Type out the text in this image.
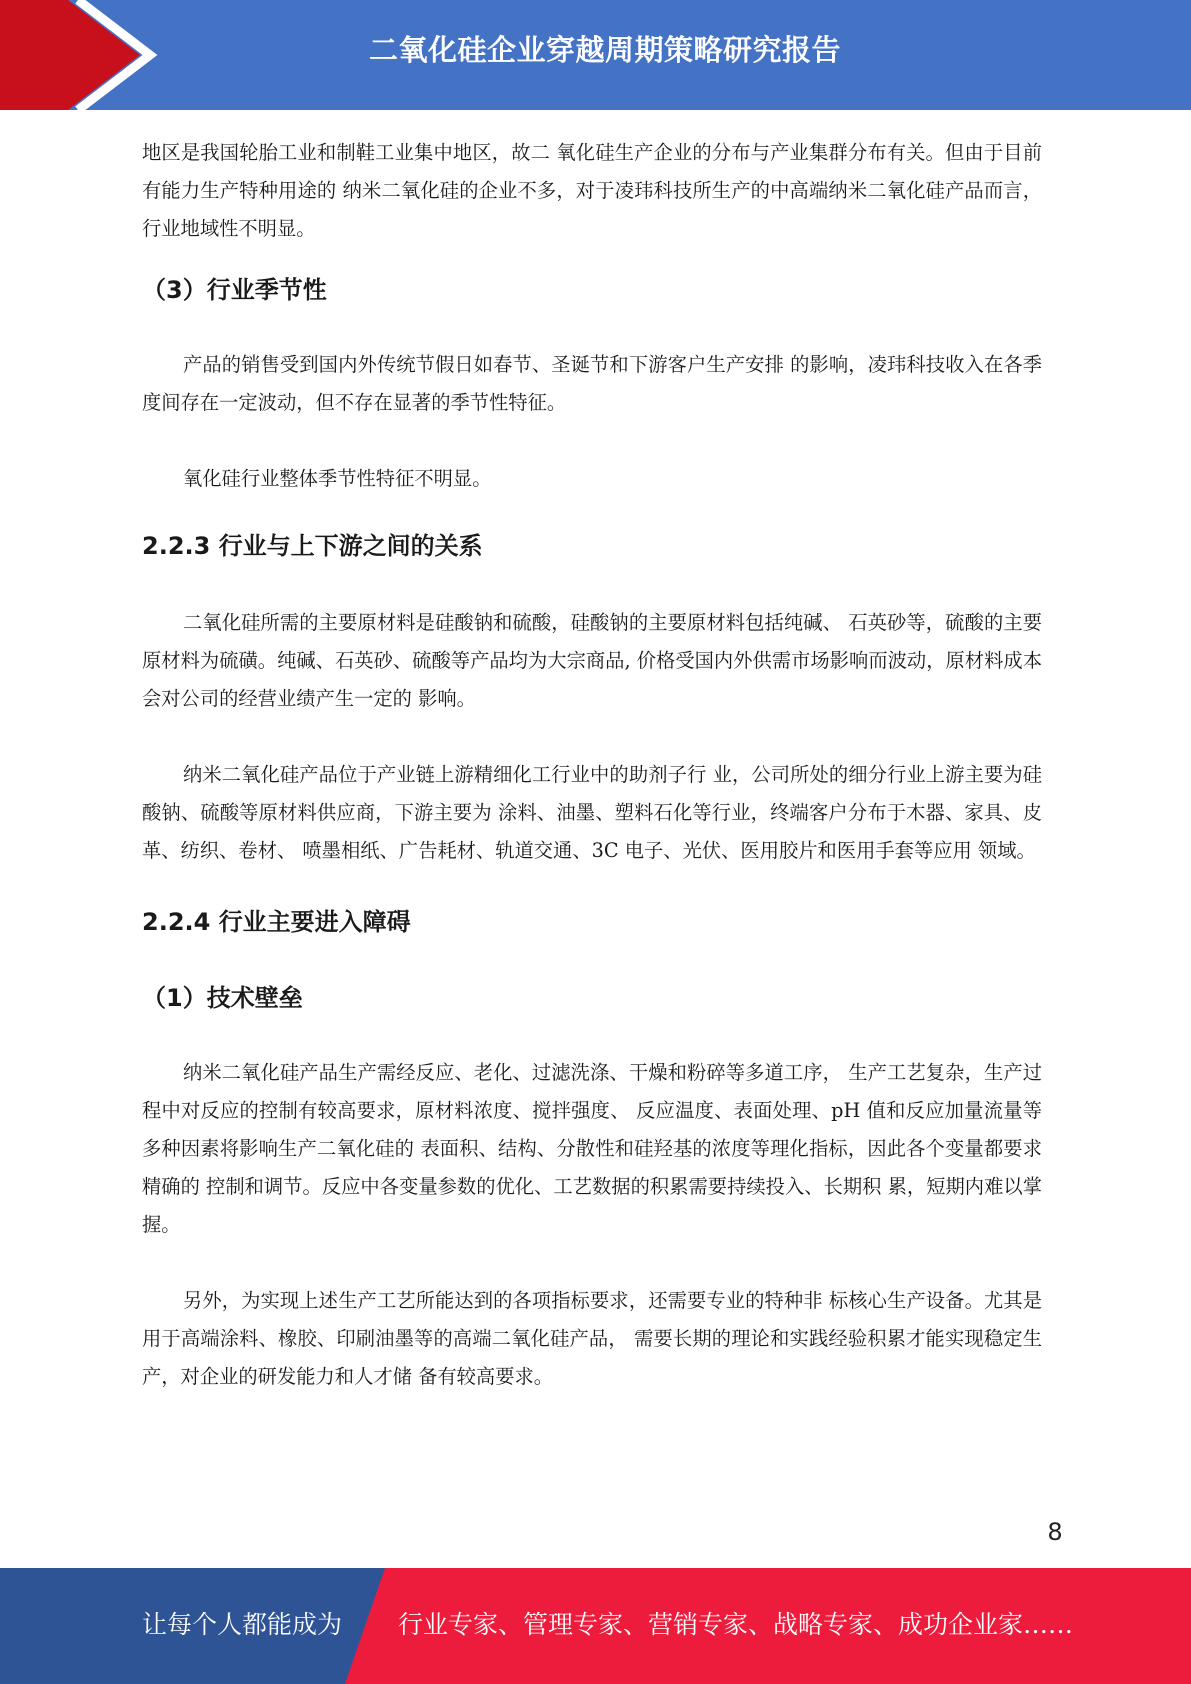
二氧化硅企业穿越周期策略研究报告

地区是我国轮胎工业和制鞋工业集中地区，故二 氧化硅生产企业的分布与产业集群分布有关。但由于目前有能力生产特种用途的 纳米二氧化硅的企业不多，对于凌玮科技所生产的中高端纳米二氧化硅产品而言， 行业地域性不明显。

（3）行业季节性

产品的销售受到国内外传统节假日如春节、圣诞节和下游客户生产安排 的影响，凌玮科技收入在各季度间存在一定波动，但不存在显著的季节性特征。

氧化硅行业整体季节性特征不明显。

2.2.3 行业与上下游之间的关系

二氧化硅所需的主要原材料是硅酸钠和硫酸，硅酸钠的主要原材料包括纯碱、 石英砂等，硫酸的主要原材料为硫磺。纯碱、石英砂、硫酸等产品均为大宗商品, 价格受国内外供需市场影响而波动，原材料成本会对公司的经营业绩产生一定的 影响。

纳米二氧化硅产品位于产业链上游精细化工行业中的助剂子行 业，公司所处的细分行业上游主要为硅酸钠、硫酸等原材料供应商，下游主要为 涂料、油墨、塑料石化等行业，终端客户分布于木器、家具、皮革、纺织、卷材、 喷墨相纸、广告耗材、轨道交通、3C 电子、光伏、医用胶片和医用手套等应用 领域。

2.2.4 行业主要进入障碍
（1）技术壁垒

纳米二氧化硅产品生产需经反应、老化、过滤洗涤、干燥和粉碎等多道工序， 生产工艺复杂，生产过程中对反应的控制有较高要求，原材料浓度、搅拌强度、 反应温度、表面处理、pH 值和反应加量流量等多种因素将影响生产二氧化硅的 表面积、结构、分散性和硅羟基的浓度等理化指标，因此各个变量都要求精确的 控制和调节。反应中各变量参数的优化、工艺数据的积累需要持续投入、长期积 累，短期内难以掌握。

另外，为实现上述生产工艺所能达到的各项指标要求，还需要专业的特种非 标核心生产设备。尤其是用于高端涂料、橡胶、印刷油墨等的高端二氧化硅产品， 需要长期的理论和实践经验积累才能实现稳定生产，对企业的研发能力和人才储 备有较高要求。

8
让每个人都能成为 行业专家、管理专家、营销专家、战略专家、成功企业家……
